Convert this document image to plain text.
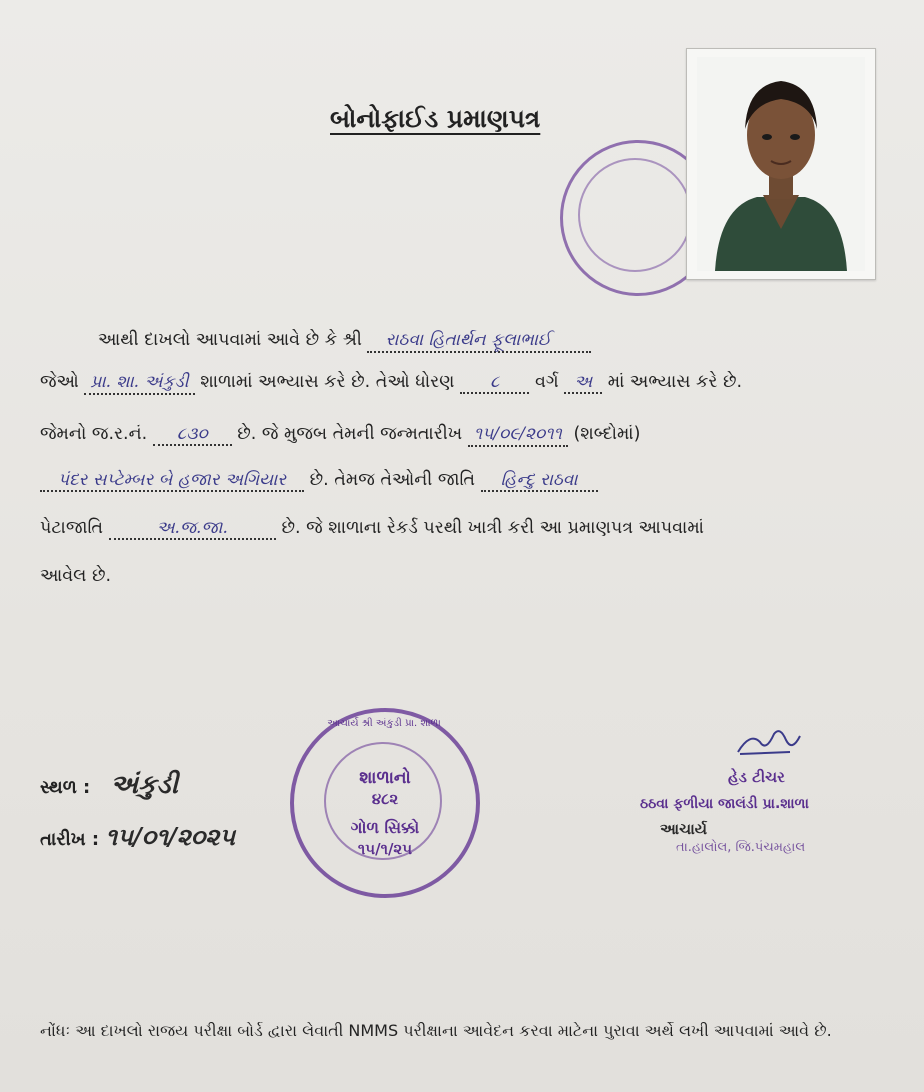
બોનોફાઈડ પ્રમાણપત્ર
આથી દાખલો આપવામાં આવે છે કે શ્રી રાઠવા હિતાર્થન ફૂલાભાઈ
જેઓ પ્રા. શા. અંકુડી શાળામાં અભ્યાસ કરે છે. તેઓ ધોરણ ૮ વર્ગ અ માં અભ્યાસ કરે છે.
જેમનો જ.ર.નં. ૮૩૦ છે. જે મુજબ તેમની જન્મતારીખ ૧૫/૦૯/૨૦૧૧ (શબ્દોમાં)
પંદર સપ્ટેમ્બર બે હજાર અગિયાર છે. તેમજ તેઓની જાતિ હિન્દુ રાઠવા
પેટાજાતિ	અ.જ.જા.	છે. જે શાળાના રેકર્ડ પરથી ખાત્રી કરી આ પ્રમાણપત્ર આપવામાં
આવેલ છે.
સ્થળ : અંકુડી
તારીખ : ૧૫/૦૧/૨૦૨૫
આચાર્ય શ્રી અંકુડી પ્રા. શાળા
શાળાનો
૪૮૨
ગોળ સિક્કો
૧૫/૧/૨૫
હેડ ટીચર
ઠઠવા ફળીયા જાલંડી પ્રા.શાળા
આચાર્ય
તા.હાલોલ, જિ.પંચમહાલ
નોંધઃ આ દાખલો રાજય પરીક્ષા બોર્ડ દ્વારા લેવાતી NMMS પરીક્ષાના આવેદન કરવા માટેના પુરાવા અર્થે લખી આપવામાં આવે છે.
